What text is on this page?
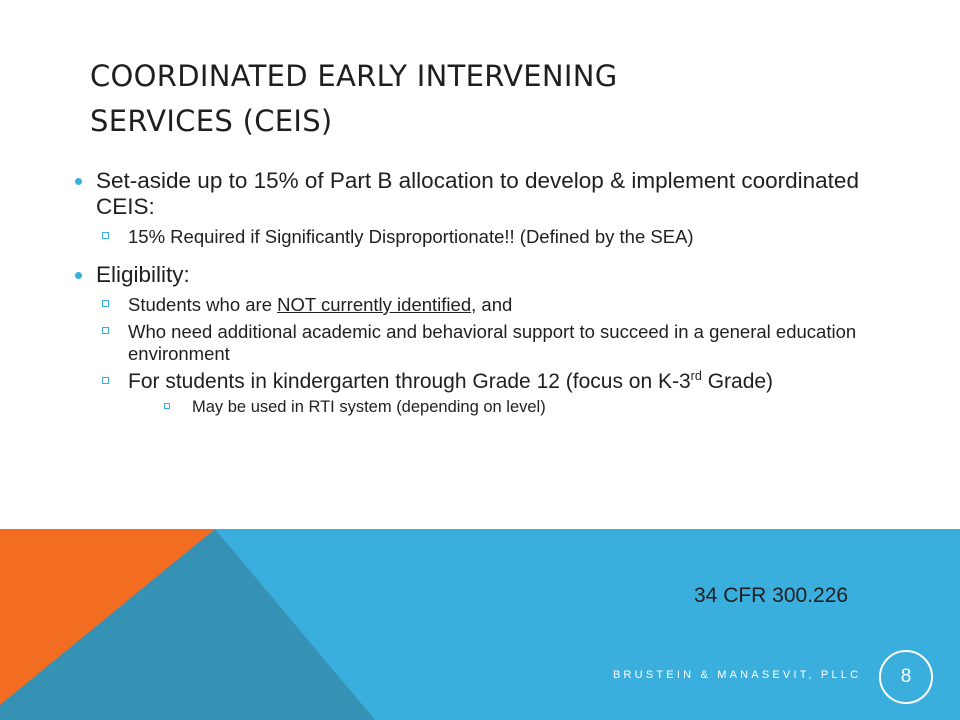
COORDINATED EARLY INTERVENING
SERVICES (CEIS)
Set-aside up to 15% of Part B allocation to develop & implement coordinated CEIS:
15% Required if Significantly Disproportionate!! (Defined by the SEA)
Eligibility:
Students who are NOT currently identified, and
Who need additional academic and behavioral support to succeed in a general education environment
For students in kindergarten through Grade 12 (focus on K-3rd Grade)
May be used in RTI system (depending on level)
34 CFR 300.226
BRUSTEIN & MANASEVIT, PLLC	8
